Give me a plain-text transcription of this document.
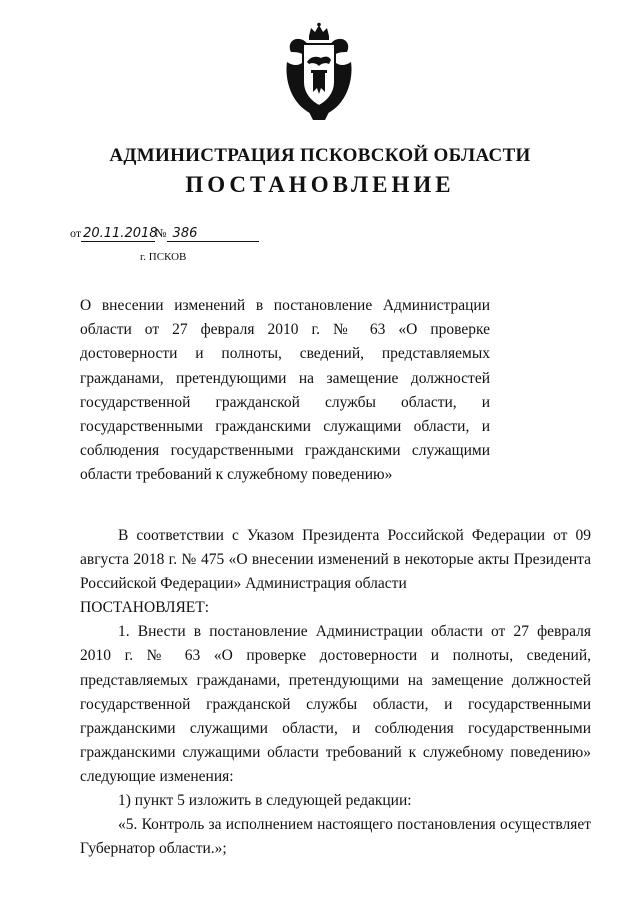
АДМИНИСТРАЦИЯ ПСКОВСКОЙ ОБЛАСТИ
ПОСТАНОВЛЕНИЕ
от 20.11.2018№ 386
г. ПСКОВ
О внесении изменений в постановление Администрации области от 27 февраля 2010 г. № 63 «О проверке достоверности и полноты, сведений, представляемых гражданами, претендующими на замещение должностей государственной гражданской службы области, и государственными гражданскими служащими области, и соблюдения государственными гражданскими служащими области требований к служебному поведению»

В соответствии с Указом Президента Российской Федерации от 09 августа 2018 г. № 475 «О внесении изменений в некоторые акты Президента Российской Федерации» Администрация области

ПОСТАНОВЛЯЕТ:

1. Внести в постановление Администрации области от 27 февраля 2010 г. № 63 «О проверке достоверности и полноты, сведений, представляемых гражданами, претендующими на замещение должностей государственной гражданской службы области, и государственными гражданскими служащими области, и соблюдения государственными гражданскими служащими области требований к служебному поведению» следующие изменения:

1) пункт 5 изложить в следующей редакции:

«5. Контроль за исполнением настоящего постановления осуществляет Губернатор области.»;
